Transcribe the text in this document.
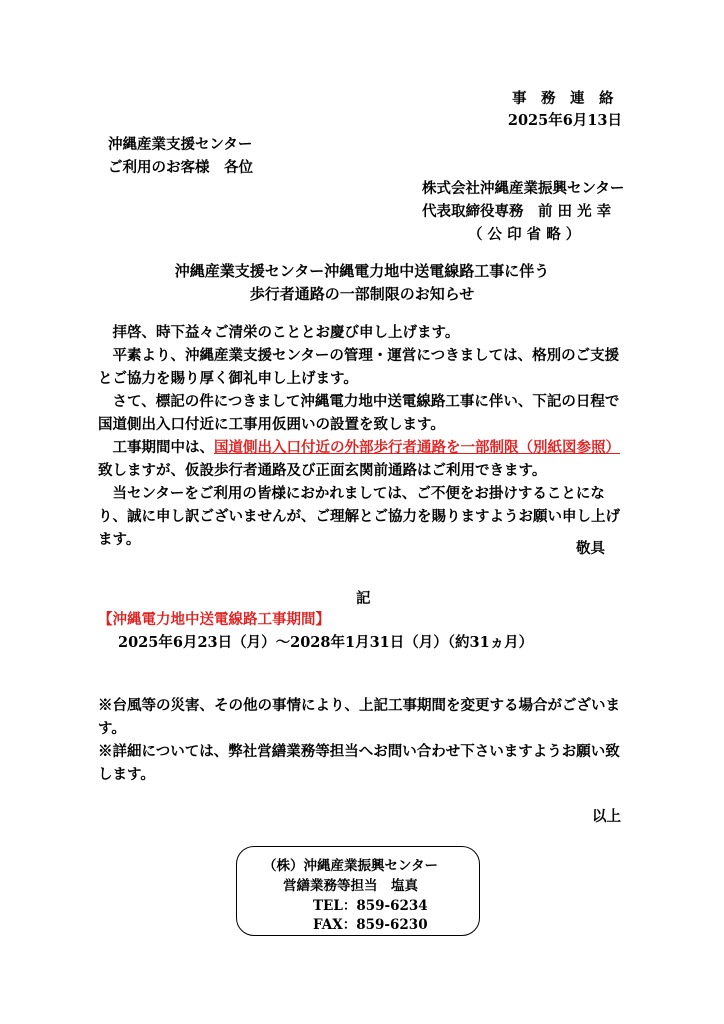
事　務　連　絡
2025年6月13日
沖縄産業支援センター
ご利用のお客様　各位
株式会社沖縄産業振興センター
代表取締役専務　前 田 光 幸
（ 公 印 省 略 ）
沖縄産業支援センター沖縄電力地中送電線路工事に伴う
歩行者通路の一部制限のお知らせ
拝啓、時下益々ご清栄のこととお慶び申し上げます。
平素より、沖縄産業支援センターの管理・運営につきましては、格別のご支援とご協力を賜り厚く御礼申し上げます。
さて、標記の件につきまして沖縄電力地中送電線路工事に伴い、下記の日程で国道側出入口付近に工事用仮囲いの設置を致します。
工事期間中は、国道側出入口付近の外部歩行者通路を一部制限（別紙図参照）致しますが、仮設歩行者通路及び正面玄関前通路はご利用できます。
当センターをご利用の皆様におかれましては、ご不便をお掛けすることになり、誠に申し訳ございませんが、ご理解とご協力を賜りますようお願い申し上げます。
敬具
記
【沖縄電力地中送電線路工事期間】
2025年6月23日（月）～2028年1月31日（月）（約31ヵ月）
※台風等の災害、その他の事情により、上記工事期間を変更する場合がございます。
※詳細については、弊社営繕業務等担当へお問い合わせ下さいますようお願い致します。
以上
（株）沖縄産業振興センター
営繕業務等担当　塩真
TEL：859-6234
FAX：859-6230
